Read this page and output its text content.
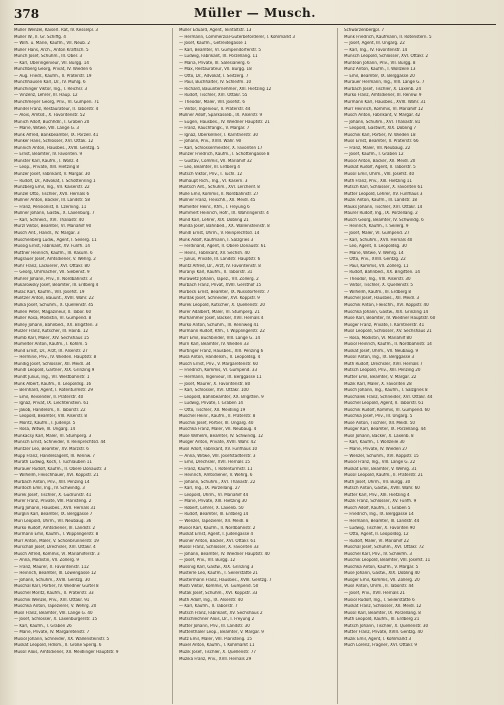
378	Müller — Musch.
Müller Wenzel, Kaiserl. Rat, IV. Kesselpl. 3
Müller W., II. Gr. Schiffg. 4
— Wilh. u. Marie, Kaufm., VII. Neub. 2
Müller Hans, Arch., Anton Kraftsch. 5
Münch Josef, Schuhm., III. Ober. 3
— Karl, Oberingenieur, VII. Burgg. 14
Münchberg Georg, Privat, IV. Wieden 6
— Aug. Friedr., Kaufm., II. Praterstr. 19
Münchhausen Karl, Dr., IV. Mühlg. 6
Münchinger Viktor, Ing., I. Reichsr. 3
— Vinzenz, Lehrer, III. Haup. 12
Münchmeyer Georg, Priv., VI. Gumpen. 71
Mündel Franz, Restaurateur, II. Taborstr. 4
— Alois, Amtsd., X. Favoritenstr. 52
Münich Adolf, Buchhdlr., I. Graben 20
— Marie, Witwe, VIII. Lange G. 3
Münk Alfred, Bankbeamter, IX. Porzell. 41
Münker Hans, Schlosser, XVI. Ottak. 12
Münnich Anton, Hausbes., XVIII. Gentzg. 5
— Ernst, Beamter, IV. Favoriten. 9
Münster Karl, Kaufm., I. Wollz. 4
— Leop., Private, XIII. Hietzing 8
Münzer Josef, Fabrikant, V. Margar. 30
— Rudolf, Dr., Advokat, I. Schottenring 1
Münzberg Emil, Ing., VII. Kaiserstr. 22
Münzel Otto, Tischler, XVII. Hernals 6
Müllner Anton, Bäcker, III. Landstr. 58
— Franz, Pensionist, II. Czerning. 11
Müllner Johann, Gastw., X. Laxenburg. 7
— Karl, Schneid., XVI. Thaliastr. 40
Mürzl Viktor, Beamter, VI. Mariahilf 90
Müsch Ant., Handl., IV. Margar. 3
Müschenberg Ludw., Agent, I. Seilerg. 11
Müssig Ernst, Fabrikant, XV. Fünfh. 14
Müttner Heinrich, Kaufm., III. Rasum. 6
Mugrauer Josef, Amtsdiener, V. Wehrg. 2
Muhr Franz, Lackierer, XVI. Ottakr. 80
— Georg, Uhrmacher, VII. Siebenst. 9
Muhrer Johann, Priv., II. Nordbahnstr. 3
Mukarowsky Josef, Beamter, III. Erdberg 4
Mulac Karl, Kaufm., VIII. Josefst. 19
Mulitzer Anton, Bauunt., XVIII. Währ. 22
Mulka Josef, Schuhm., X. Quellenstr. 45
Mullen Peter, Magazineur, II. Tabor. 60
Muller Rosa, Modistin, VI. Gumpend. 8
Mulley Johann, Bahnbed., XX. Brigitten. 3
Mulzer Franz, Kutscher, III. Hainb. 12
Mumb Karl, Maler, XIV. Sechshaus 15
Mumelter Anton, Kaufm., I. Kohlm. 5
Mund Ernst, Dr., Arzt, IX. Alserstr. 27
— Hermine, Priv., IV. Wieden. Hauptstr. 8
Mundig Josef, Schlosser, XII. Meidl. 34
Mundl Leopold, Gärtner, XIX. Grinzing 9
Mundt Julius, Ing., VII. Westbahnstr. 1
Munk Albert, Kaufm., II. Leopoldsg. 16
— Bernhard, Agent, I. Rotenturmstr. 29
— Emil, Reisender, II. Praterstr. 40
— Ignaz, Privat, IX. Liechtenstein. 61
— Jakob, Handelsm., II. Taborstr. 22
— Leopold, Beamter, VIII. Alserstr. 8
— Moritz, Kaufm., I. Judenpl. 5
— Rosa, Witwe, III. Ungarg. 14
Munkacsy Karl, Maler, VI. Stumperg. 3
Munsch Ernst, Schneider, V. Reinprechtsd. 44
Muntzer Leo, Beamter, XV. Märzstr. 6
Mupp Franz, Handelsagent, III. Rennw. 7
Murath Ludwig, Koch, I. Tuchlauben 11
Murauer Rudolf, Kaufm., II. Obere Donaustr. 3
— Wilhelm, Fleischhauer, XVI. Koppstr. 21
Murbach Anton, Priv., XIII. Penzing 14
Murdoch Emil, Ing., IV. Schwindg. 3
Murek Josef, Tischler, X. Gudrunstr. 41
Murer Franz, Private, VIII. Piaristeng. 2
Murg Johann, Hausbes., XVII. Hernals 31
Murglin Karl, Beamter, IX. Berggasse 7
Muri Leopold, Uhrm., VII. Neubaug. 36
Murko Rudolf, Amtsdiener, III. Landstr. 2
Murmann Emil, Kaufm., I. Wipplingerstr. 8
Murr Anton, Maler, V. Schönbrunnerstr. 19
Murschall Josef, Drechsler, XVI. Ottakr. 4
Musch Alfred, Kommis, VI. Mariahilferstr. 3
— Anna, Modistin, VII. Zollerg. 9
— Franz, Maurer, X. Favoritenstr. 112
— Heinrich, Beamter, III. Löwengasse 12
— Johann, Schuhm., XVIII. Gentzg. 30
Muschal Karl, Portier, IV. Wiedner Gürtel 8
Muschel Moritz, Kaufm., II. Praterstr. 33
Muschik Wenzel, Priv., XVI. Ottakr. 91
Muschka Anton, Tapezierer, V. Wehrg. 20
Musil Franz, Beamter, VIII. Lange G. 40
— Josef, Schlosser, X. Laxenburgerstr. 15
— Karl, Kaufm., I. Graben 26
— Marie, Private, IV. Margaretenstr. 7
Musiol Johann, Schneider, XX. Wallensteinstr. 5
Muskat Leopold, Hdlsm., II. Große Sperlg. 6
Mussil Alois, Amtsdiener, XII. Meidlinger Hauptstr. 9
Müller Eduard, Agent, Teinfaltstr. 13
— Hermann, Commerzial-Güterbeförderer, I. Kohlmarkt 3
— Josef, Kaufm., Getreidegasse 1
— Karl, Beamter, VI. Gumpendorferstr. 5
— Ludwig, Fabrikant, IX. Porzellang. 11
— Maria, Private, III. Salesianerg. 6
— Max, Restaurateur, VII. Burgg. 18
— Otto, Dr., Advokat, I. Seitzerg. 7
— Paul, Buchhalter, IV. Schleifm. 10
— Richard, Bauunternehmer, XIII. Hietzing 12
— Rudolf, Tischler, XVI. Ottakr. 55
— Theodor, Maler, VIII. Josefst. 6
— Viktor, Ingenieur, II. Praterstr. 44
Müllner Adolf, Sparkasseb., IX. Alserstr. 9
— Eugen, Hausbes., IV. Wiedner Hauptstr. 21
— Franz, Rauchfangk., V. Margar. 7
— Ignaz, Oberkellner, I. Kärntnerstr. 30
— Johann, Priv., XVIII. Währ. 90
— Karl, Schlossermeister, X. Favoriten 17
Münzer Friedrich, Kaufm., I. Schottengasse 8
— Gustav, Commis, VII. Mariahilf 32
— Leo, Beamter, III. Erdberg 4
Mütsch Viktor, Priv., I. Tuchl. 12
Mulhaupt Rich., Ing., VI. Kasern. 3
Mulitsch Ant., Schuhm., XVI. Lerchenf. 8
Mulle Emil, Kommis, II. Nordbahnstr. 27
Mullner Franz, Fleischh., XII. Meidl. 45
Mumelter Heinr., Kfm., I. Freyung 6
Mummert Heinrich, Hofr., IX. Währingerstr. 4
Mund Karl, Lehrer, XIX. Döbling 21
Munda Josef, Bahnbed., XX. Wallensteinstr. 8
Mundl Ernst, Uhrm., V. Reinprechtsd. 14
Munk Adolf, Kaufmann, I. Salzgries 3
— Ferdinand, Agent, II. Obere Donaustr. 61
— Heinr., Fabrikant, XV. Sechsh. 40
— Julius, Private, III. Landstr. Hauptstr. 6
Muntz Alfred, Dr., Arzt, IV. Favoritenstr. 8
Muranyi Karl, Kaufm., II. Taborstr. 31
Murawetz Johann, Tapez., VII. Zollerg. 2
Murbach Franz, Privat, XVIII. Gersthof 15
Murbeck Ernst, Beamter, IX. Nussdorferstr. 7
Murdak Josef, Schneider, XVI. Koppstr. 9
Murek Leopold, Kutscher, X. Quellenstr. 20
Murer Adalbert, Maler, VI. Stumperg. 21
Murhammer Josef, Bäcker, XVII. Hernals 4
Murko Anton, Schuhm., III. Rennweg 41
Murmann Rudolf, Kfm., I. Wipplingerstr. 22
Murr Emil, Buchbinder, VIII. Lange G. 14
Murri Karl, Beamter, IV. Wieden 33
Murtinger Franz, Hausbes., XIII. Penzing 6
Musa Anton, Handelsm., II. Leopoldsg. 4
Musch Ernst, Priv., V. Margaretenstr. 60
— Friedrich, Kommis, VI. Gumpend. 33
— Hermann, Ingenieur, IX. Berggasse 11
— Josef, Maurer, X. Favoritenstr. 80
— Karl, Schlosser, XVI. Ottakr. 100
— Leopold, Bahnbeamter, XX. Brigitten. 9
— Ludwig, Private, I. Graben 14
— Otto, Tischler, XII. Meidling 19
Muschel Heinr., Kaufm., II. Praterstr. 8
Muschik Josef, Portier, III. Ungarg. 40
Muschka Franz, Maler, VII. Neubaug. 4
Muse Wilhelm, Beamter, IV. Schwindg. 12
Musger Anton, Private, XVIII. Währ. 42
Musil Adolf, Fabrikant, XV. Fünfhaus 10
— Anna, Witwe, VIII. Josefstädterstr. 3
— Emil, Drechsler, XVII. Hernals 15
— Franz, Kaufm., I. Rotenturmstr. 11
— Heinrich, Amtsdiener, V. Wehrg. 6
— Johann, Schuhm., XVI. Thaliastr. 22
— Karl, Ing., IX. Porzellang. 27
— Leopold, Uhrm., VI. Mariahilf 44
— Marie, Private, XIII. Hietzing 30
— Robert, Lehrer, X. Laxenb. 50
— Rudolf, Beamter, III. Erdberg 14
— Wenzel, Tapezierer, XII. Meidl. 8
Musiol Karl, Kaufm., II. Nordbahnstr. 2
Muskat Ernst, Agent, I. Judengasse 4
Musner Anton, Bäcker, XVI. Ottakr. 61
Mussil Franz, Schlosser, X. Favoriten 33
— Johann, Beamter, IV. Wiedner Hauptstr. 40
— Josef, Priv., VII. Burgg. 12
Mussnig Karl, Gastw., XIX. Grinzing 3
Musterle Leo, Kaufm., I. Seilerstätte 21
Mustermann Franz, Hausbes., XVIII. Gentzg. 7
Musti Viktor, Kommis, VI. Gumpend. 50
Mutak Josef, Schuhm., XVI. Koppstr. 33
Muth Adolf, Ing., IX. Alserstr. 40
— Karl, Kaufm., II. Taborstr. 7
Mutsch Franz, Fabrikant, XV. Sechshaus 2
Mutschlechner Alois, Dr., I. Freyung 2
Mutter Johann, Priv., III. Landstr. 30
Muttenthaler Leop., Beamter, V. Margar. 9
Mutz Emil, Maler, VIII. Piaristeng. 15
Muxel Anton, Kaufm., I. Kohlmarkt 11
Muzik Josef, Tischler, X. Quellenstr. 77
Muzika Franz, Priv., XVII. Hernals 29
Schwarzenbergpl. 7
Munk Friedrich, Kaufmann, II. Rotenstern. 5
— Josef, Agent, III. Ungarg. 22
— Karl, Ing., IV. Favoritenstr. 14
Munsch Leopold, Schlosser, XVI. Ottakr. 2
Muntean Johann, Priv., VII. Burgg. 8
Munz Anton, Kaufm., I. Wollzeile 13
— Emil, Beamter, IX. Berggasse 20
Murauer Hermann, Ing., VIII. Lange G. 7
Murbach Josef, Tischler, X. Laxenb. 24
Murko Franz, Amtsdiener, III. Rennw. 9
Murmann Karl, Hausbes., XVIII. Währ. 31
Murr Heinrich, Kommis, VI. Mariahilf 12
Musch Anton, Fabrikant, V. Margar. 42
— Johann, Schuhm., XVI. Thaliastr. 81
— Leopold, Gastwirt, XIX. Döbling 7
Muschik Karl, Portier, IV. Wieden 18
Musil Ernst, Beamter, II. Praterstr. 66
— Franz, Maler, VII. Neubaug. 22
— Josef, Kaufm., I. Graben 12
Musiol Anton, Bäcker, XII. Meidl. 20
Muskat Rudolf, Agent, II. Taborstr. 5
Mussil Emil, Uhrm., VIII. Josefst. 40
Muth Franz, Priv., XIII. Hietzing 11
Mutsch Karl, Schlosser, X. Favoriten 61
Mutter Leopold, Lehrer, XV. Fünfhaus 3
Muzik Anton, Kaufm., III. Landstr. 18
Mauks Johann, Tischler, XVI. Ottakr. 14
Maurer Rudolf, Ing., IX. Porzellang. 2
Musch Georg, Beamter, IV. Schwindg. 6
— Heinrich, Kaufm., I. Seilerg. 9
— Josef, Maler, VI. Gumpend. 27
— Karl, Schuhm., XVII. Hernals 40
— Leo, Agent, II. Leopoldsg. 30
— Marie, Witwe, V. Wehrg. 14
— Otto, Priv., XVIII. Gentzg. 22
— Paul, Kommis, VII. Zollerg. 11
— Rudolf, Bahnbed., XX. Brigitten. 14
— Theodor, Ing., VIII. Alserstr. 30
— Viktor, Tischler, X. Quellenstr. 5
— Wilhelm, Kaufm., III. Erdberg 8
Muschel Josef, Hausbes., XII. Meidl. 3
Muschik Anton, Fleischh., XVI. Koppstr. 40
Muschka Johann, Gastw., XIX. Grinzing 14
Muse Karl, Beamter, IV. Wiedner Hauptstr. 60
Musger Franz, Private, I. Kärntnerstr. 41
Musil Leopold, Schlosser, XV. Sechshaus 21
— Rosa, Modistin, VI. Mariahilf 80
Musiol Heinrich, Kaufm., II. Nordbahnstr. 14
Muskat Josef, Uhrm., VII. Neubaug. 9
Mussil Anton, Ing., IX. Berggasse 3
Muth Rudolf, Drechsler, XVII. Hernals 7
Mutsch Leopold, Priv., XIII. Penzing 20
Mutter Emil, Beamter, V. Margar. 22
Muzik Karl, Maler, X. Favoriten 28
Musch Johann, Ing., Kaufm., I. Salzgries 8
Muschalek Franz, Schneider, XVI. Ottakr. 44
Muschel Leopold, Agent, II. Taborstr. 61
Muschik Rudolf, Kommis, VI. Gumpend. 60
Muschka Josef, Priv., III. Ungarg. 5
Muse Anton, Tischler, XII. Meidl. 50
Musger Karl, Beamter, IX. Porzellang. 44
Musil Johann, Bäcker, X. Laxenb. 8
— Karl, Kaufm., I. Wollzeile 30
— Marie, Private, IV. Wieden 27
— Wenzel, Schuhm., XVI. Koppstr. 15
Musiol Franz, Ing., VIII. Lange G. 22
Muskat Emil, Beamter, V. Wehrg. 31
Mussil Leopold, Kaufm., II. Praterstr. 21
Muth Josef, Uhrm., VII. Burgg. 30
Mutsch Anton, Gastw., XVIII. Währ. 60
Mutter Karl, Priv., XIII. Hietzing 4
Muzik Franz, Schlosser, XV. Fünfh. 9
Musch Adolf, Kaufm., I. Graben 5
— Friedrich, Ing., IX. Berggasse 14
— Hermann, Beamter, III. Landstr. 44
— Ludwig, Tischler, X. Favoriten 90
— Otto, Agent, II. Leopoldsg. 12
— Rudolf, Maler, VI. Mariahilf 22
Muschal Josef, Schuhm., XVI. Ottakr. 72
Muschel Karl, Priv., IV. Schleifm. 3
Muschik Leopold, Beamter, VIII. Josefst. 11
Muschka Anton, Kaufm., V. Margar. 5
Muse Johann, Gastw., XIX. Döbling 40
Musger Emil, Kommis, VII. Zollerg. 20
Musil Anton, Uhrm., II. Taborstr. 44
— Josef, Priv., XVII. Hernals 21
Musiol Rudolf, Ing., I. Seilerstätte 6
Muskat Franz, Schlosser, XII. Meidl. 12
Mussil Karl, Beamter, IX. Porzellang. 8
Muth Leopold, Kaufm., III. Erdberg 21
Mutsch Johann, Tischler, X. Quellenstr. 30
Mutter Franz, Private, XVIII. Gentzg. 40
Muzik Emil, Agent, I. Kohlmarkt 3
Much Lorenz, Fragner, XVI. Ottakr. 9
